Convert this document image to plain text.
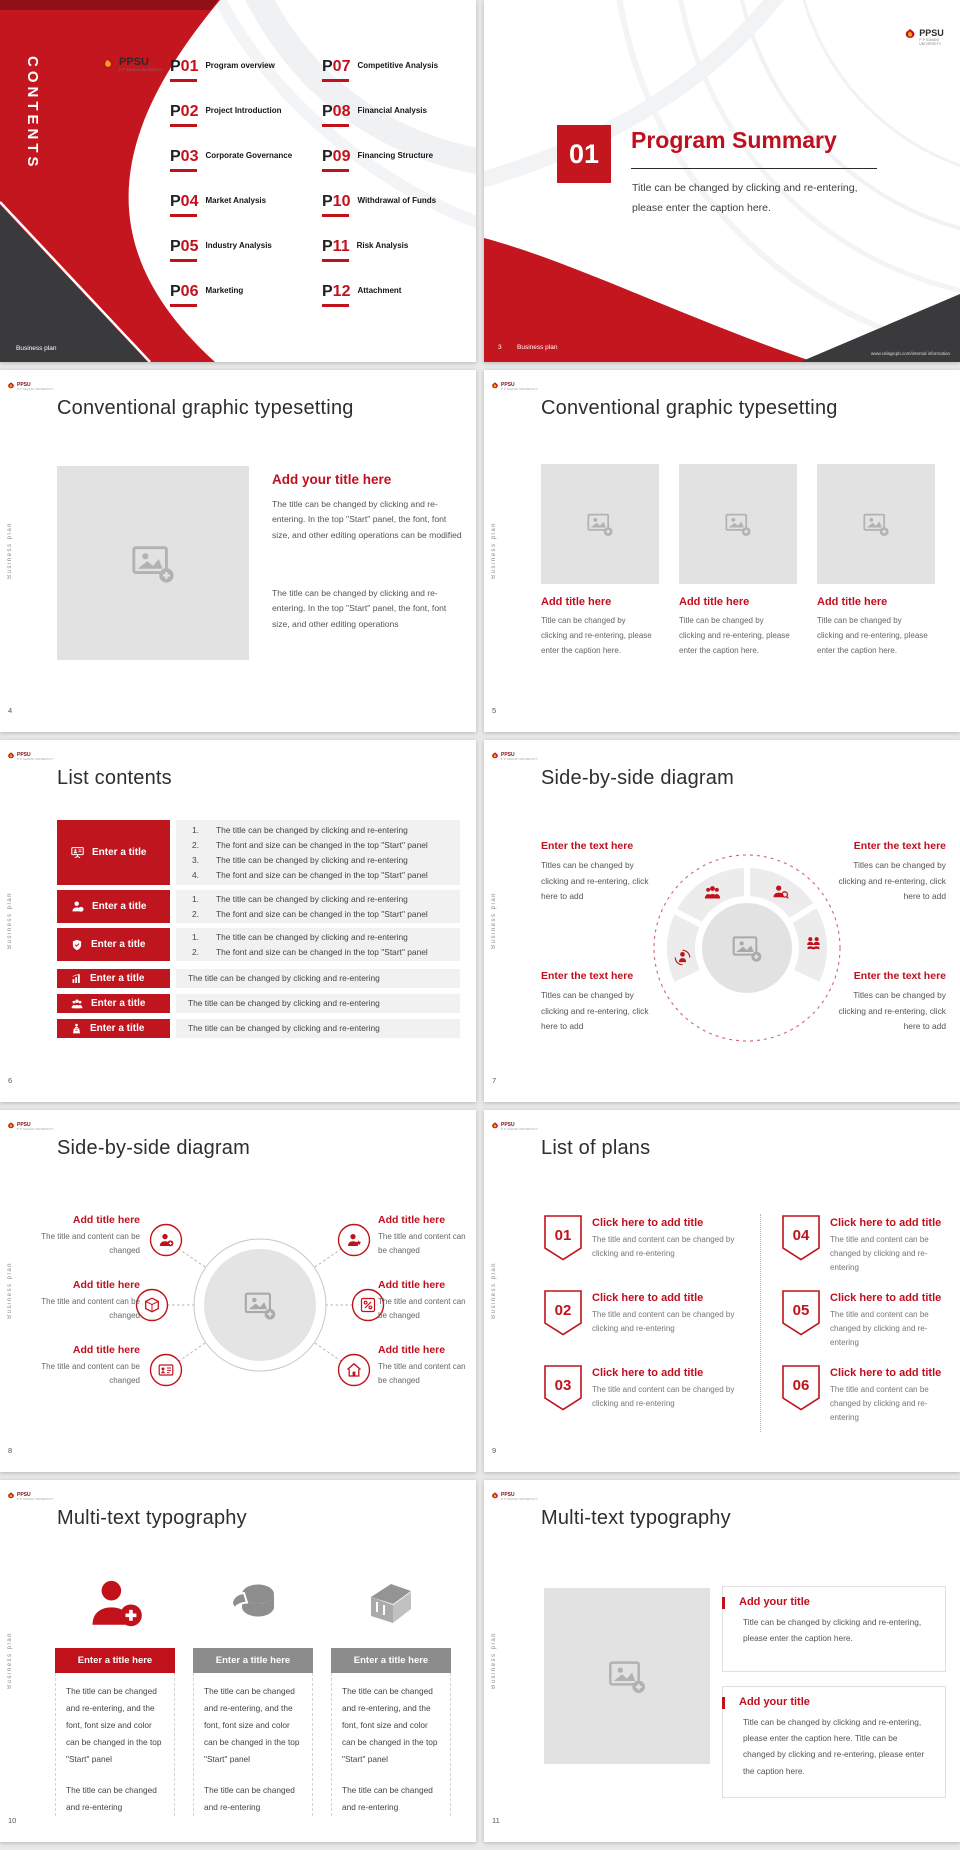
CONTENTS	PPSU
P P SAVANI UNIVERSITY P01 Program overview
P02 Project Introduction
P03 Corporate Governance
P04 Market Analysis
P05 Industry Analysis
P06 Marketing
P07 Competitive Analysis
P08 Financial Analysis
P09 Financing Structure
P10 Withdrawal of Funds
P11 Risk Analysis
P12 Attachment
Business plan
PPSU
P P SAVANI UNIVERSITY
01	Program Summary
Title can be changed by clicking and re-entering,
please enter the caption here.
3 Business plan
www.celagicpb.com/internal information
PPSU
P P SAVANI UNIVERSITY
Business plan
Conventional graphic typesetting
Add your title here
The title can be changed by clicking and re-entering. In the top "Start" panel, the font, font size, and other editing operations can be modified
The title can be changed by clicking and re-entering. In the top "Start" panel, the font, font size, and other editing operations
4
PPSU
P P SAVANI UNIVERSITY
Business plan
Conventional graphic typesetting
Add title here	Add title here	Add title here
Title can be changed by clicking and re-entering, please enter the caption here.
Title can be changed by clicking and re-entering, please enter the caption here.
Title can be changed by clicking and re-entering, please enter the caption here.
5
PPSU
P P SAVANI UNIVERSITY
Business plan
List contents
Enter a title
1.	The title can be changed by clicking and re-entering
2.	The font and size can be changed in the top "Start" panel
3.	The title can be changed by clicking and re-entering
4.	The font and size can be changed in the top "Start" panel
Enter a title
1.	The title can be changed by clicking and re-entering
2.	The font and size can be changed in the top "Start" panel
Enter a title
1.	The title can be changed by clicking and re-entering
2.	The font and size can be changed in the top "Start" panel
Enter a title	The title can be changed by clicking and re-entering
Enter a title	The title can be changed by clicking and re-entering
Enter a title	The title can be changed by clicking and re-entering
6
PPSU
P P SAVANI UNIVERSITY
Business plan
Side-by-side diagram
Enter the text here
Titles can be changed by clicking and re-entering, click here to add
Enter the text here
Titles can be changed by clicking and re-entering, click here to add
Enter the text here
Titles can be changed by clicking and re-entering, click here to add
Enter the text here
Titles can be changed by clicking and re-entering, click here to add
7
PPSU
P P SAVANI UNIVERSITY
Business plan
Side-by-side diagram
Add title here
The title and content can be changed
Add title here
The title and content can be changed
Add title here
The title and content can be changed
Add title here
The title and content can be changed
Add title here
The title and content can be changed
Add title here
The title and content can be changed
8
PPSU
P P SAVANI UNIVERSITY
Business plan
List of plans
01
Click here to add title
The title and content can be changed by clicking and re-entering
02
Click here to add title
The title and content can be changed by clicking and re-entering
03
Click here to add title
The title and content can be changed by clicking and re-entering
04
Click here to add title
The title and content can be changed by clicking and re-entering
05
Click here to add title
The title and content can be changed by clicking and re-entering
06
Click here to add title
The title and content can be changed by clicking and re-entering
9
PPSU
P P SAVANI UNIVERSITY
Business plan
Multi-text typography
Enter a title here
The title can be changed and re-entering, and the font, font size and color can be changed in the top "Start" panel
The title can be changed and re-entering
Enter a title here
The title can be changed and re-entering, and the font, font size and color can be changed in the top "Start" panel
The title can be changed and re-entering
Enter a title here
The title can be changed and re-entering, and the font, font size and color can be changed in the top "Start" panel
The title can be changed and re-entering
10
PPSU
P P SAVANI UNIVERSITY
Business plan
Multi-text typography
Add your title
Title can be changed by clicking and re-entering, please enter the caption here.
Add your title
Title can be changed by clicking and re-entering, please enter the caption here. Title can be changed by clicking and re-entering, please enter the caption here.
11
